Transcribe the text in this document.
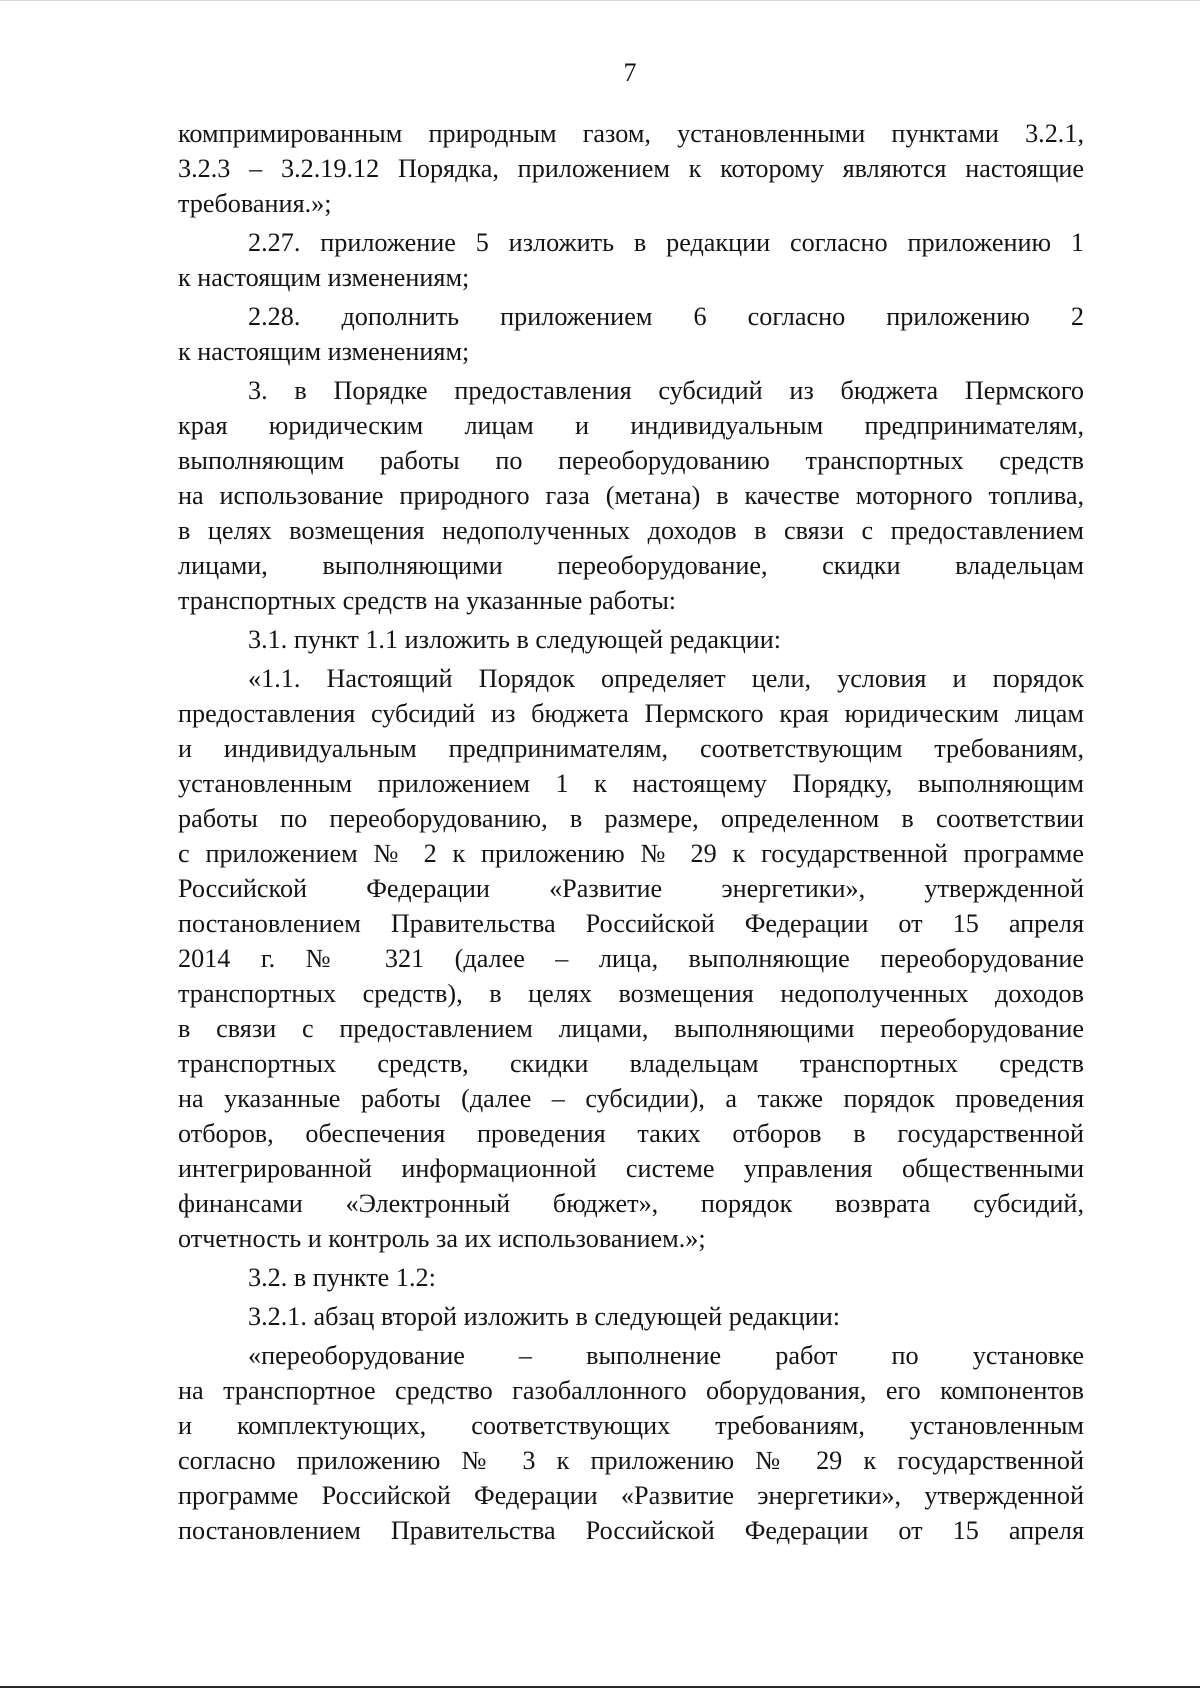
7
компримированным природным газом, установленными пунктами 3.2.1,
3.2.3 – 3.2.19.12 Порядка, приложением к которому являются настоящие
требования.»;
2.27. приложение 5 изложить в редакции согласно приложению 1
к настоящим изменениям;
2.28. дополнить приложением 6 согласно приложению 2
к настоящим изменениям;
3. в Порядке предоставления субсидий из бюджета Пермского
края юридическим лицам и индивидуальным предпринимателям,
выполняющим работы по переоборудованию транспортных средств
на использование природного газа (метана) в качестве моторного топлива,
в целях возмещения недополученных доходов в связи с предоставлением
лицами, выполняющими переоборудование, скидки владельцам
транспортных средств на указанные работы:
3.1. пункт 1.1 изложить в следующей редакции:
«1.1. Настоящий Порядок определяет цели, условия и порядок
предоставления субсидий из бюджета Пермского края юридическим лицам
и индивидуальным предпринимателям, соответствующим требованиям,
установленным приложением 1 к настоящему Порядку, выполняющим
работы по переоборудованию, в размере, определенном в соответствии
с приложением № 2 к приложению № 29 к государственной программе
Российской Федерации «Развитие энергетики», утвержденной
постановлением Правительства Российской Федерации от 15 апреля
2014 г. № 321 (далее – лица, выполняющие переоборудование
транспортных средств), в целях возмещения недополученных доходов
в связи с предоставлением лицами, выполняющими переоборудование
транспортных средств, скидки владельцам транспортных средств
на указанные работы (далее – субсидии), а также порядок проведения
отборов, обеспечения проведения таких отборов в государственной
интегрированной информационной системе управления общественными
финансами «Электронный бюджет», порядок возврата субсидий,
отчетность и контроль за их использованием.»;
3.2. в пункте 1.2:
3.2.1. абзац второй изложить в следующей редакции:
«переоборудование – выполнение работ по установке
на транспортное средство газобаллонного оборудования, его компонентов
и комплектующих, соответствующих требованиям, установленным
согласно приложению № 3 к приложению № 29 к государственной
программе Российской Федерации «Развитие энергетики», утвержденной
постановлением Правительства Российской Федерации от 15 апреля
